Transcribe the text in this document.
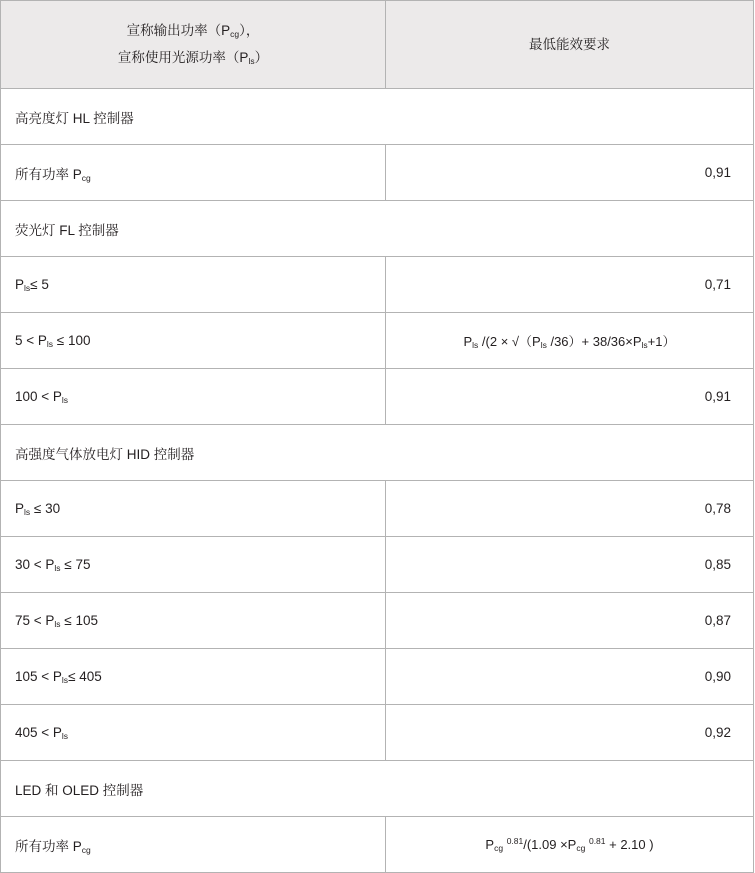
宣称输出功率$(P_{cg})$，
宣称使用光源功率$(P_{ls})$	最低能效要求
高亮度灯 HL 控制器	
所有功率 $P_{cg}$	0,91
荧光灯 FL 控制器	
$P_{ls}\le 5$	0,71
$5 < P_{ls} \le 100$	$P_{ls}$ $/(2 \times √(P_{ls}$ $/36)+ 38/36\times P_{ls}+1$）
$100 < P_{ls}$	0,91
高强度气体放电灯 HID 控制器	
$P_{ls} \le 30$	0,78
$30 < P_{ls} \le 75$	0,85
$75 < P_{ls} \le 105$	0,87
$105 < P_{ls}\le 405$	0,90
$405 < P_{ls}$	0,92
LED 和 OLED 控制器	
所有功率 $P_{cg}$	$P_{cg}$ $^{0.81}/(1.09 \times P_{cg}$ $^{0.81}$ + 2.10 )
